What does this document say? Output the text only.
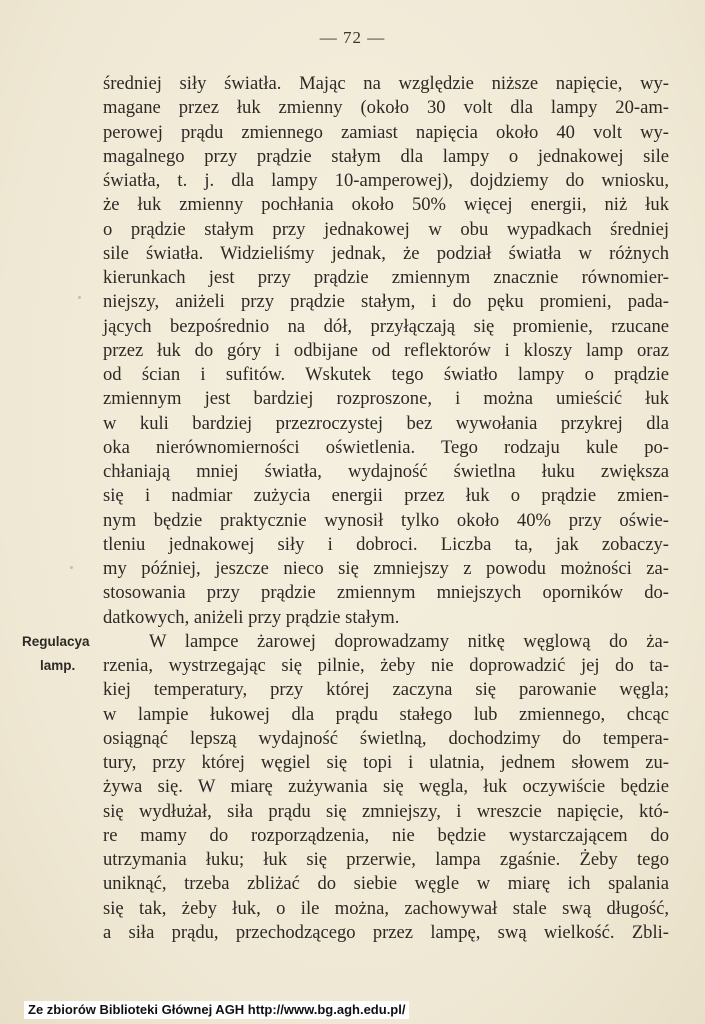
— 72 —
średniej siły światła. Mając na względzie niższe napięcie, wy-
magane przez łuk zmienny (około 30 volt dla lampy 20-am-
perowej prądu zmiennego zamiast napięcia około 40 volt wy-
magalnego przy prądzie stałym dla lampy o jednakowej sile
światła, t. j. dla lampy 10-amperowej), dojdziemy do wniosku,
że łuk zmienny pochłania około 50% więcej energii, niż łuk
o prądzie stałym przy jednakowej w obu wypadkach średniej
sile światła. Widzieliśmy jednak, że podział światła w różnych
kierunkach jest przy prądzie zmiennym znacznie równomier-
niejszy, aniżeli przy prądzie stałym, i do pęku promieni, pada-
jących bezpośrednio na dół, przyłączają się promienie, rzucane
przez łuk do góry i odbijane od reflektorów i kloszy lamp oraz
od ścian i sufitów. Wskutek tego światło lampy o prądzie
zmiennym jest bardziej rozproszone, i można umieścić łuk
w kuli bardziej przezroczystej bez wywołania przykrej dla
oka nierównomierności oświetlenia. Tego rodzaju kule po-
chłaniają mniej światła, wydajność świetlna łuku zwiększa
się i nadmiar zużycia energii przez łuk o prądzie zmien-
nym będzie praktycznie wynosił tylko około 40% przy oświe-
tleniu jednakowej siły i dobroci. Liczba ta, jak zobaczy-
my później, jeszcze nieco się zmniejszy z powodu możności za-
stosowania przy prądzie zmiennym mniejszych oporników do-
datkowych, aniżeli przy prądzie stałym.
W lampce żarowej doprowadzamy nitkę węglową do ża-
rzenia, wystrzegając się pilnie, żeby nie doprowadzić jej do ta-
kiej temperatury, przy której zaczyna się parowanie węgla;
w lampie łukowej dla prądu stałego lub zmiennego, chcąc
osiągnąć lepszą wydajność świetlną, dochodzimy do tempera-
tury, przy której węgiel się topi i ulatnia, jednem słowem zu-
żywa się. W miarę zużywania się węgla, łuk oczywiście będzie
się wydłużał, siła prądu się zmniejszy, i wreszcie napięcie, któ-
re mamy do rozporządzenia, nie będzie wystarczającem do
utrzymania łuku; łuk się przerwie, lampa zgaśnie. Żeby tego
uniknąć, trzeba zbliżać do siebie węgle w miarę ich spalania
się tak, żeby łuk, o ile można, zachowywał stale swą długość,
a siła prądu, przechodzącego przez lampę, swą wielkość. Zbli-
Regulacya
lamp.
Ze zbiorów Biblioteki Głównej AGH http://www.bg.agh.edu.pl/
